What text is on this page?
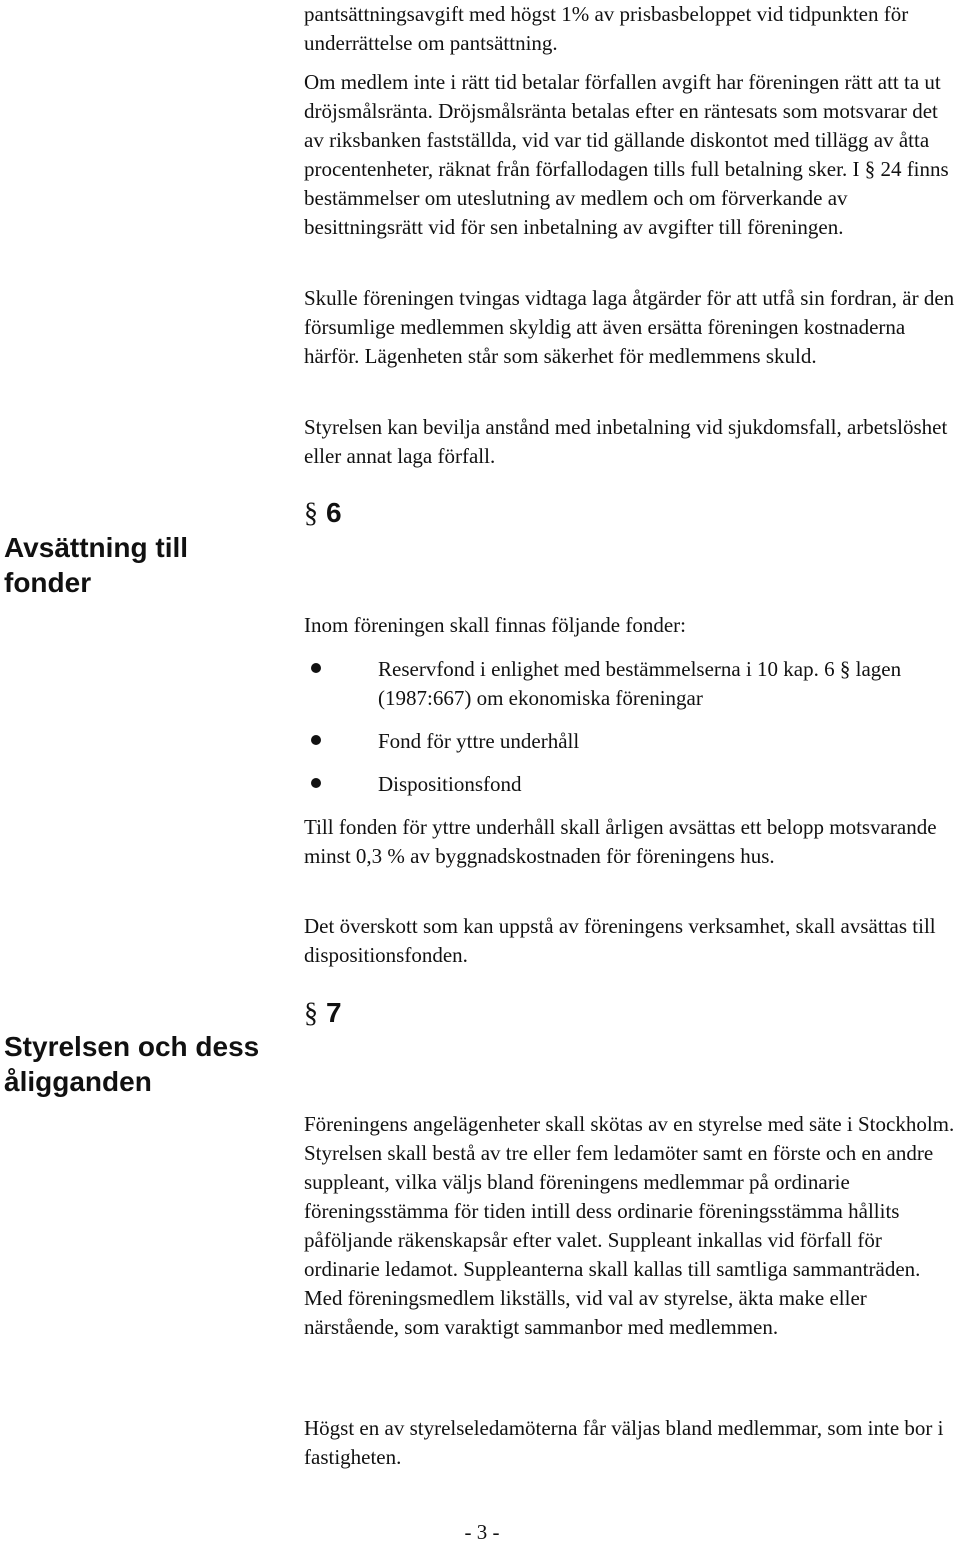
pantsättningsavgift med högst 1% av prisbasbeloppet vid tidpunkten för underrättelse om pantsättning.

Om medlem inte i rätt tid betalar förfallen avgift har föreningen rätt att ta ut dröjsmålsränta. Dröjsmålsränta betalas efter en räntesats som motsvarar det av riksbanken fastställda, vid var tid gällande diskontot med tillägg av åtta procentenheter, räknat från förfallodagen tills full betalning sker. I § 24 finns bestämmelser om uteslutning av medlem och om förverkande av besittningsrätt vid för sen inbetalning av avgifter till föreningen.

Skulle föreningen tvingas vidtaga laga åtgärder för att utfå sin fordran, är den försumlige medlemmen skyldig att även ersätta föreningen kostnaderna härför. Lägenheten står som säkerhet för medlemmens skuld.

Styrelsen kan bevilja anstånd med inbetalning vid sjukdomsfall, arbetslöshet eller annat laga förfall.

Avsättning till fonder
§ 6

Inom föreningen skall finnas följande fonder:

Reservfond i enlighet med bestämmelserna i 10 kap. 6 § lagen (1987:667) om ekonomiska föreningar

Fond för yttre underhåll

Dispositionsfond

Till fonden för yttre underhåll skall årligen avsättas ett belopp motsvarande minst 0,3 % av byggnadskostnaden för föreningens hus.

Det överskott som kan uppstå av föreningens verksamhet, skall avsättas till dispositionsfonden.

§ 7
Styrelsen och dess åligganden

Föreningens angelägenheter skall skötas av en styrelse med säte i Stockholm. Styrelsen skall bestå av tre eller fem ledamöter samt en förste och en andre suppleant, vilka väljs bland föreningens medlemmar på ordinarie föreningsstämma för tiden intill dess ordinarie föreningsstämma hållits påföljande räkenskapsår efter valet. Suppleant inkallas vid förfall för ordinarie ledamot. Suppleanterna skall kallas till samtliga sammanträden. Med föreningsmedlem likställs, vid val av styrelse, äkta make eller närstående, som varaktigt sammanbor med medlemmen.

Högst en av styrelseledamöterna får väljas bland medlemmar, som inte bor i fastigheten.

- 3 -
